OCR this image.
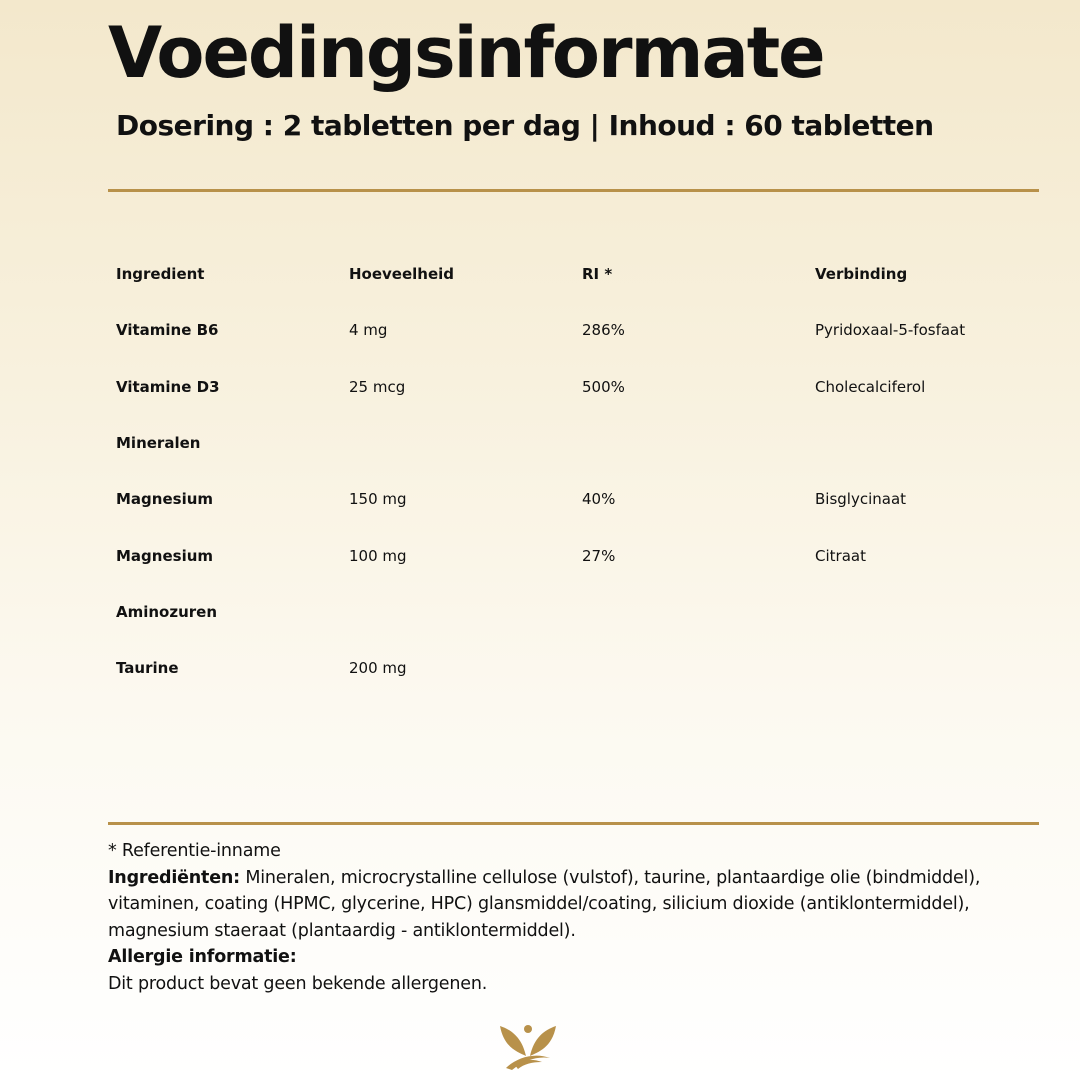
Voedingsinformate
Dosering : 2 tabletten per dag | Inhoud : 60 tabletten
Ingredient	Hoeveelheid	RI *	Verbinding
Vitamine B6	4 mg	286%	Pyridoxaal-5-fosfaat
Vitamine D3	25 mcg	500%	Cholecalciferol
Mineralen			
Magnesium	150 mg	40%	Bisglycinaat
Magnesium	100 mg	27%	Citraat
Aminozuren			
Taurine	200 mg		

* Referentie-inname

Ingrediënten: Mineralen, microcrystalline cellulose (vulstof), taurine, plantaardige olie (bindmiddel), vitaminen, coating (HPMC, glycerine, HPC) glansmiddel/coating, silicium dioxide (antiklontermiddel), magnesium staeraat (plantaardig - antiklontermiddel).

Allergie informatie:

Dit product bevat geen bekende allergenen.
